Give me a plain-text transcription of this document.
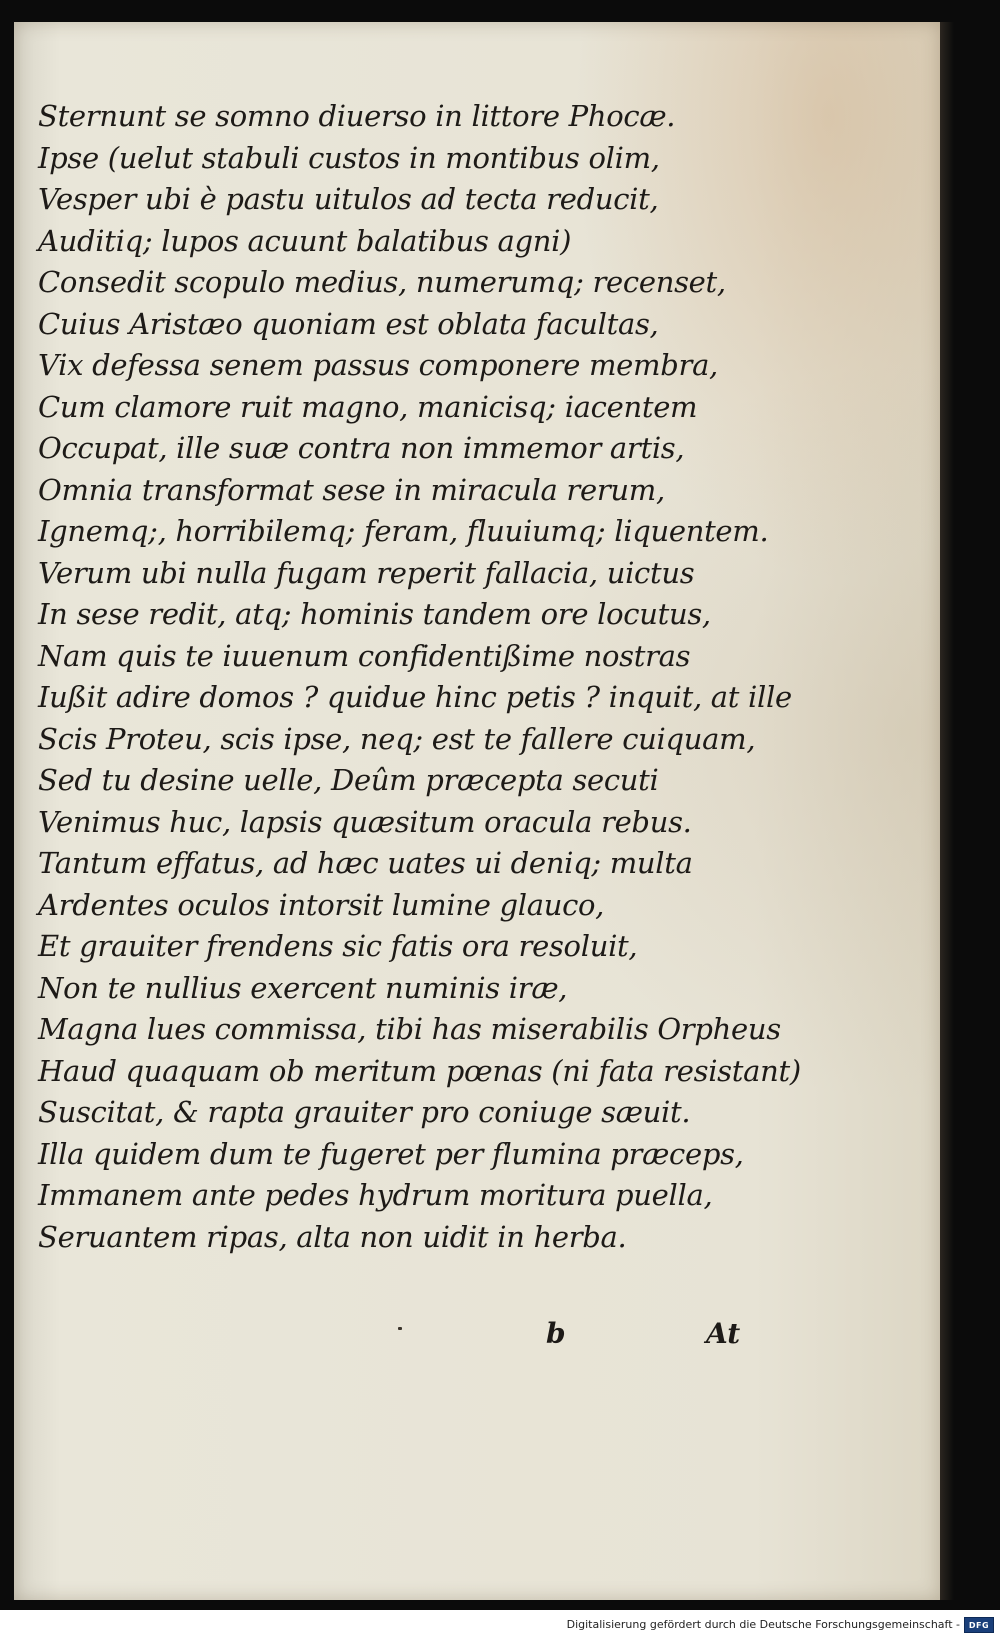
Sternunt se somno diuerso in littore Phocæ.

Ipse (uelut stabuli custos in montibus olim,

Vesper ubi è pastu uitulos ad tecta reducit,

Auditiq; lupos acuunt balatibus agni)

Consedit scopulo medius, numerumq; recenset,

Cuius Aristæo quoniam est oblata facultas,

Vix defessa senem passus componere membra,

Cum clamore ruit magno, manicisq; iacentem

Occupat, ille suæ contra non immemor artis,

Omnia transformat sese in miracula rerum,

Ignemq;, horribilemq; feram, fluuiumq; liquentem.

Verum ubi nulla fugam reperit fallacia, uictus

In sese redit, atq; hominis tandem ore locutus,

Nam quis te iuuenum confidentißime nostras

Iußit adire domos ? quidue hinc petis ? inquit, at ille

Scis Proteu, scis ipse, neq; est te fallere cuiquam,

Sed tu desine uelle, Deûm præcepta secuti

Venimus huc, lapsis quæsitum oracula rebus.

Tantum effatus, ad hæc uates ui deniq; multa

Ardentes oculos intorsit lumine glauco,

Et grauiter frendens sic fatis ora resoluit,

Non te nullius exercent numinis iræ,

Magna lues commissa, tibi has miserabilis Orpheus

Haud quaquam ob meritum pœnas (ni fata resistant)

Suscitat, & rapta grauiter pro coniuge sæuit.

Illa quidem dum te fugeret per flumina præceps,

Immanem ante pedes hydrum moritura puella,

Seruantem ripas, alta non uidit in herba.

b	At
Digitalisierung gefördert durch die Deutsche Forschungsgemeinschaft - DFG
